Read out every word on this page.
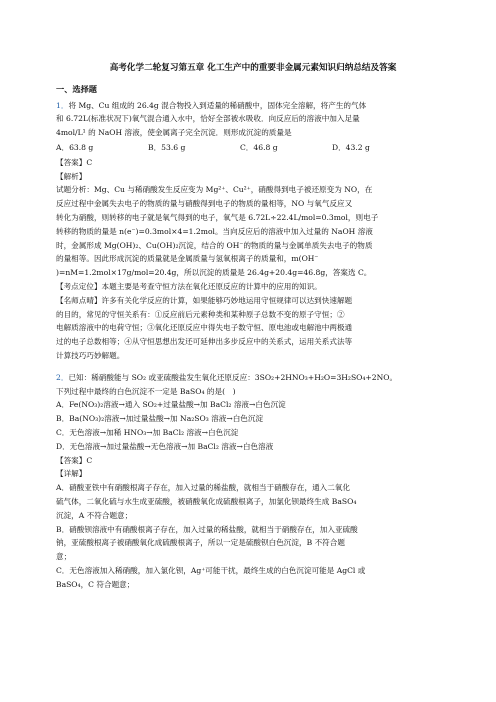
高考化学二轮复习第五章 化工生产中的重要非金属元素知识归纳总结及答案
一、选择题

1．将 Mg、Cu 组成的 26.4g 混合物投入到适量的稀硝酸中，固体完全溶解，将产生的气体

和 6.72L(标准状况下)氧气混合通入水中，恰好全部被水吸收．向反应后的溶液中加入足量

4mol/L¹ 的 NaOH 溶液，使金属离子完全沉淀．则形成沉淀的质量是

A．63.8 g	B．53.6 g	C．46.8 g	D．43.2 g

【答案】C

【解析】

试题分析：Mg、Cu 与稀硝酸发生反应变为 Mg²⁺、Cu²⁺，硝酸得到电子被还原变为 NO，在

反应过程中金属失去电子的物质的量与硝酸得到电子的物质的量相等，NO 与氧气反应又

转化为硝酸，则转移的电子就是氧气得到的电子，氧气是 6.72L÷22.4L/mol=0.3mol，则电子

转移的物质的量是 n(e⁻)=0.3mol×4=1.2mol。当向反应后的溶液中加入过量的 NaOH 溶液

时，金属形成 Mg(OH)₂、Cu(OH)₂沉淀，结合的 OH⁻的物质的量与金属单质失去电子的物质

的量相等。因此形成沉淀的质量就是金属质量与氢氧根离子的质量和，m(OH⁻

)=nM=1.2mol×17g/mol=20.4g，所以沉淀的质量是 26.4g+20.4g=46.8g，答案选 C。

【考点定位】本题主要是考查守恒方法在氧化还原反应的计算中的应用的知识。

【名师点晴】许多有关化学反应的计算，如果能够巧妙地运用守恒规律可以达到快速解题

的目的，常见的守恒关系有：①反应前后元素种类和某种原子总数不变的原子守恒；②

电解质溶液中的电荷守恒；③氧化还原反应中得失电子数守恒、原电池或电解池中两极通

过的电子总数相等；④从守恒思想出发还可延伸出多步反应中的关系式，运用关系式法等

计算技巧巧妙解题。

2．已知：稀硝酸能与 SO₂ 或亚硫酸盐发生氧化还原反应：3SO₂+2HNO₃+H₂O=3H₂SO₄+2NO。

下列过程中最终的白色沉淀不一定是 BaSO₄ 的是(　)

A．Fe(NO₃)₂溶液→通入 SO₂+过量盐酸→加 BaCl₂ 溶液→白色沉淀

B．Ba(NO₃)₂溶液→加过量盐酸→加 Na₂SO₃ 溶液→白色沉淀

C．无色溶液→加稀 HNO₃→加 BaCl₂ 溶液→白色沉淀

D．无色溶液→加过量盐酸→无色溶液→加 BaCl₂ 溶液→白色溶液

【答案】C

【详解】

A．硝酸亚铁中有硝酸根离子存在，加入过量的稀盐酸，就相当于硝酸存在，通入二氧化

硫气体，二氧化硫与水生成亚硫酸，被硝酸氧化成硫酸根离子，加氯化钡最终生成 BaSO₄

沉淀，A 不符合题意；

B．硝酸钡溶液中有硝酸根离子存在，加入过量的稀盐酸，就相当于硝酸存在，加入亚硫酸

钠，亚硫酸根离子被硝酸氧化成硫酸根离子，所以一定是硫酸钡白色沉淀，B 不符合题

意；

C．无色溶液加入稀硝酸，加入氯化钡，Ag⁺可能干扰，最终生成的白色沉淀可能是 AgCl 或

BaSO₄，C 符合题意；
